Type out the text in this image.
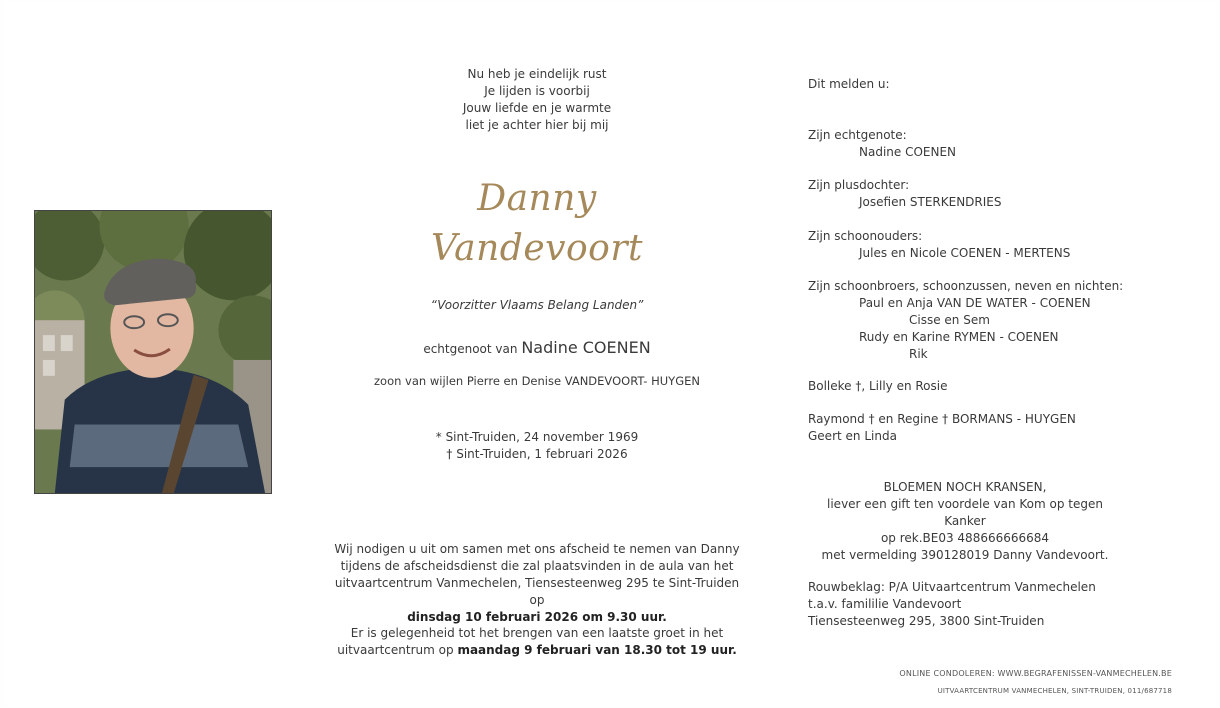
Nu heb je eindelijk rust
Je lijden is voorbij
Jouw liefde en je warmte
liet je achter hier bij mij
Danny
Vandevoort
“Voorzitter Vlaams Belang Landen”
echtgenoot van Nadine COENEN
zoon van wijlen Pierre en Denise VANDEVOORT- HUYGEN
* Sint-Truiden, 24 november 1969
† Sint-Truiden, 1 februari 2026
Wij nodigen u uit om samen met ons afscheid te nemen van Danny
tijdens de afscheidsdienst die zal plaatsvinden in de aula van het
uitvaartcentrum Vanmechelen, Tiensesteenweg 295 te Sint-Truiden op
dinsdag 10 februari 2026 om 9.30 uur.
Er is gelegenheid tot het brengen van een laatste groet in het
uitvaartcentrum op maandag 9 februari van 18.30 tot 19 uur.
Dit melden u:
Zijn echtgenote:
Nadine COENEN
Zijn plusdochter:
Josefien STERKENDRIES
Zijn schoonouders:
Jules en Nicole COENEN - MERTENS
Zijn schoonbroers, schoonzussen, neven en nichten:
Paul en Anja VAN DE WATER - COENEN
Cisse en Sem
Rudy en Karine RYMEN - COENEN
Rik
Bolleke †, Lilly en Rosie
Raymond † en Regine † BORMANS - HUYGEN
Geert en Linda
BLOEMEN NOCH KRANSEN,
liever een gift ten voordele van Kom op tegen Kanker
op rek.BE03 488666666684
met vermelding 390128019 Danny Vandevoort.
Rouwbeklag: P/A Uitvaartcentrum Vanmechelen
t.a.v. famililie Vandevoort
Tiensesteenweg 295, 3800 Sint-Truiden
ONLINE CONDOLEREN: WWW.BEGRAFENISSEN-VANMECHELEN.BE
UITVAARTCENTRUM VANMECHELEN, SINT-TRUIDEN, 011/687718
